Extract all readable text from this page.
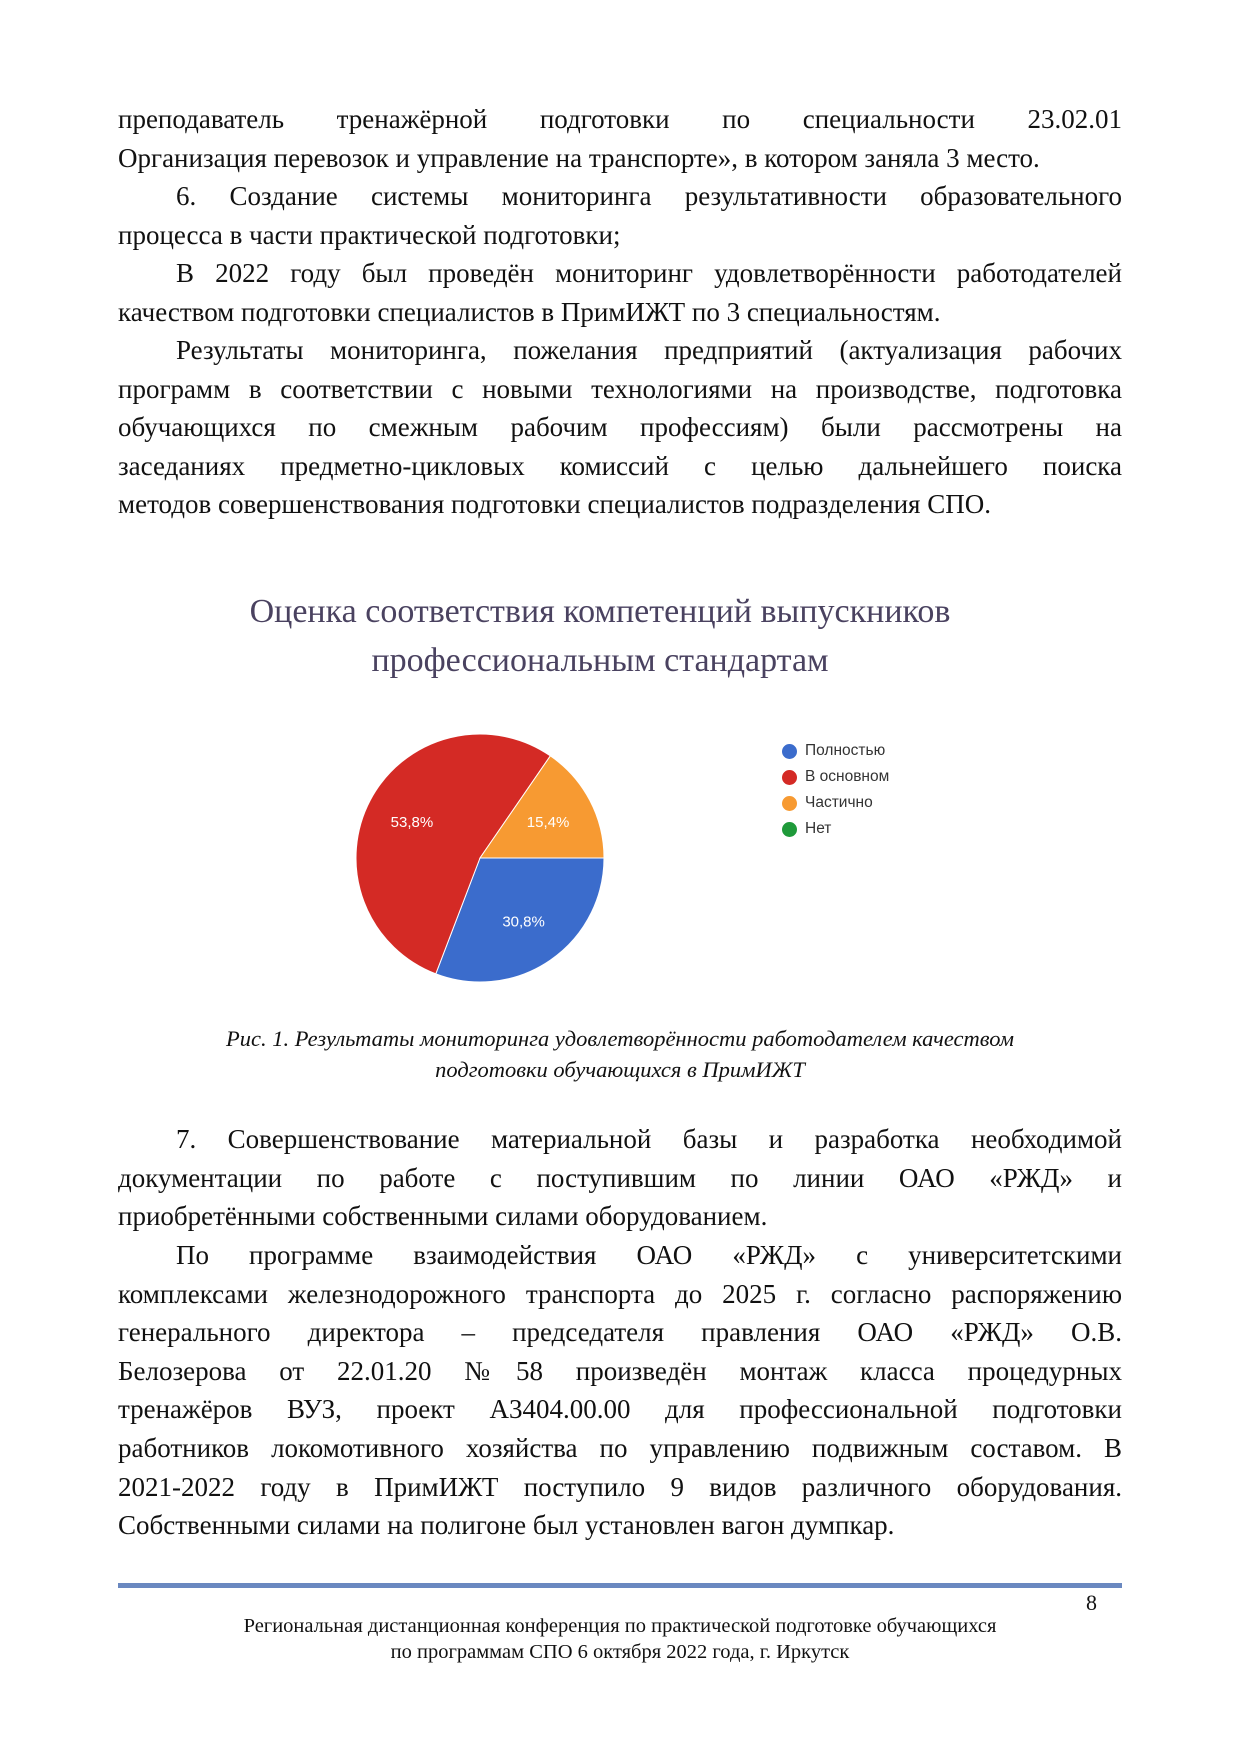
преподаватель тренажёрной подготовки по специальности 23.02.01
Организация перевозок и управление на транспорте», в котором заняла 3 место.
6. Создание системы мониторинга результативности образовательного
процесса в части практической подготовки;
В 2022 году был проведён мониторинг удовлетворённости работодателей
качеством подготовки специалистов в ПримИЖТ по 3 специальностям.
Результаты мониторинга, пожелания предприятий (актуализация рабочих
программ в соответствии с новыми технологиями на производстве, подготовка
обучающихся по смежным рабочим профессиям) были рассмотрены на
заседаниях предметно-цикловых комиссий с целью дальнейшего поиска
методов совершенствования подготовки специалистов подразделения СПО.
Оценка соответствия компетенций выпускников
профессиональным стандартам
30,8%
53,8%	15,4%
Полностью
В основном
Частично
Нет
Рис. 1. Результаты мониторинга удовлетворённости работодателем качеством
подготовки обучающихся в ПримИЖТ
7. Совершенствование материальной базы и разработка необходимой
документации по работе с поступившим по линии ОАО «РЖД» и
приобретёнными собственными силами оборудованием.
По программе взаимодействия ОАО «РЖД» с университетскими
комплексами железнодорожного транспорта до 2025 г. согласно распоряжению
генерального директора – председателя правления ОАО «РЖД» О.В.
Белозерова от 22.01.20 №58 произведён монтаж класса процедурных
тренажёров ВУЗ, проект А3404.00.00 для профессиональной подготовки
работников локомотивного хозяйства по управлению подвижным составом. В
2021-2022 году в ПримИЖТ поступило 9 видов различного оборудования.
Собственными силами на полигоне был установлен вагон думпкар.
8
Региональная дистанционная конференция по практической подготовке обучающихся
по программам СПО 6 октября 2022 года, г. Иркутск
